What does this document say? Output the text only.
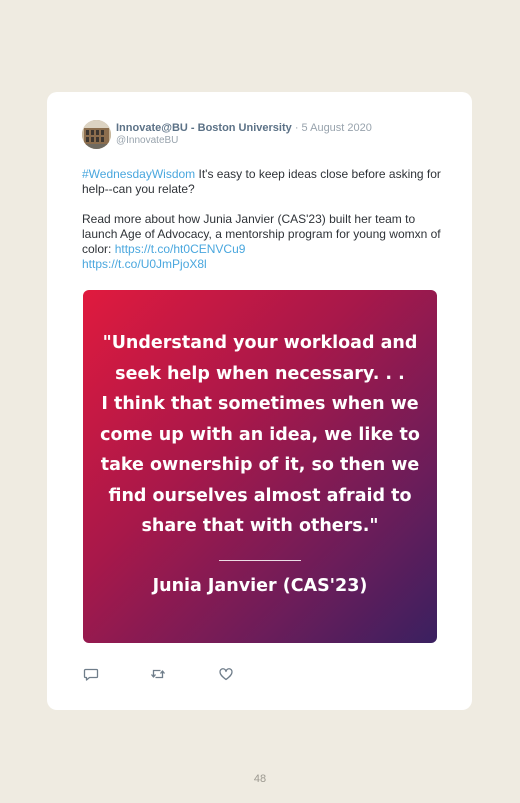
Innovate@BU - Boston University · 5 August 2020
@InnovateBU

#WednesdayWisdom It's easy to keep ideas close before asking for help--can you relate?

Read more about how Junia Janvier (CAS'23) built her team to launch Age of Advocacy, a mentorship program for young womxn of color: https://t.co/ht0CENVCu9
https://t.co/U0JmPjoX8l

"Understand your workload and
seek help when necessary. . .
I think that sometimes when we
come up with an idea, we like to
take ownership of it, so then we
find ourselves almost afraid to
share that with others."
Junia Janvier (CAS'23)
48
